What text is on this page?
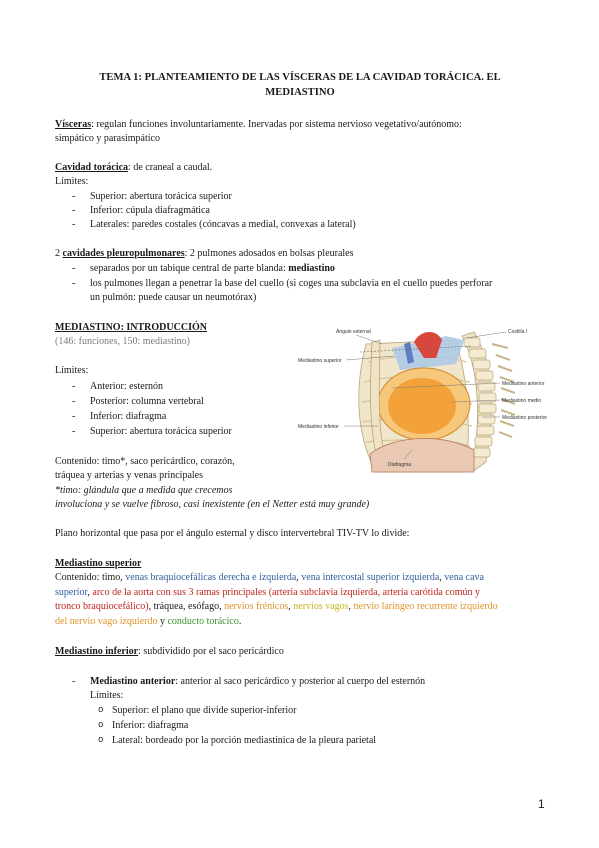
TEMA 1: PLANTEAMIENTO DE LAS VÍSCERAS DE LA CAVIDAD TORÁCICA. EL MEDIASTINO
Vísceras: regulan funciones involuntariamente. Inervadas por sistema nervioso vegetativo/autónomo:
simpático y parasimpático
Cavidad torácica: de craneal a caudal.
Límites:
- Superior: abertura torácica superior
- Inferior: cúpula diafragmática
- Laterales: paredes costales (cóncavas a medial, convexas a lateral)
2 cavidades pleuropulmonares: 2 pulmones adosados en bolsas pleurales
- separados por un tabique central de parte blanda: mediastino
- los pulmones llegan a penetrar la base del cuello (si coges una subclavia en el cuello puedes perforar
un pulmón: puede causar un neumotórax)
MEDIASTINO: INTRODUCCIÓN
(146: funciones, 150: mediastino)
Límites:
- Anterior: esternón
- Posterior: columna vertebral
- Inferior: diafragma
- Superior: abertura torácica superior
Contenido: timo*, saco pericárdico, corazón,
tráquea y arterias y venas principales
*timo: glándula que a medida que crecemos
involuciona y se vuelve fibroso, casi inexistente (en el Netter está muy grande)
Plano horizontal que pasa por el ángulo esternal y disco intervertebral TIV-TV lo divide:
Ángulo esternal	Costilla I
Mediastino superior
Mediastino inferior
Mediastino anterior
Mediastino medio
Mediastino posterior
Diafragma
Mediastino superior
Contenido: timo, venas braquiocefálicas derecha e izquierda, vena intercostal superior izquierda, vena cava
superior, arco de la aorta con sus 3 ramas principales (arteria subclavia izquierda, arteria carótida común y
tronco braquiocefálico), tráquea, esófago, nervios frénicos, nervios vagos, nervio laríngeo recurrente izquierdo
del nervio vago izquierdo y conducto torácico.
Mediastino inferior: subdividido por el saco pericárdico
- Mediastino anterior: anterior al saco pericárdico y posterior al cuerpo del esternón
Límites:
o Superior: el plano que divide superior-inferior
o Inferior: diafragma
o Lateral: bordeado por la porción mediastínica de la pleura parietal
1
